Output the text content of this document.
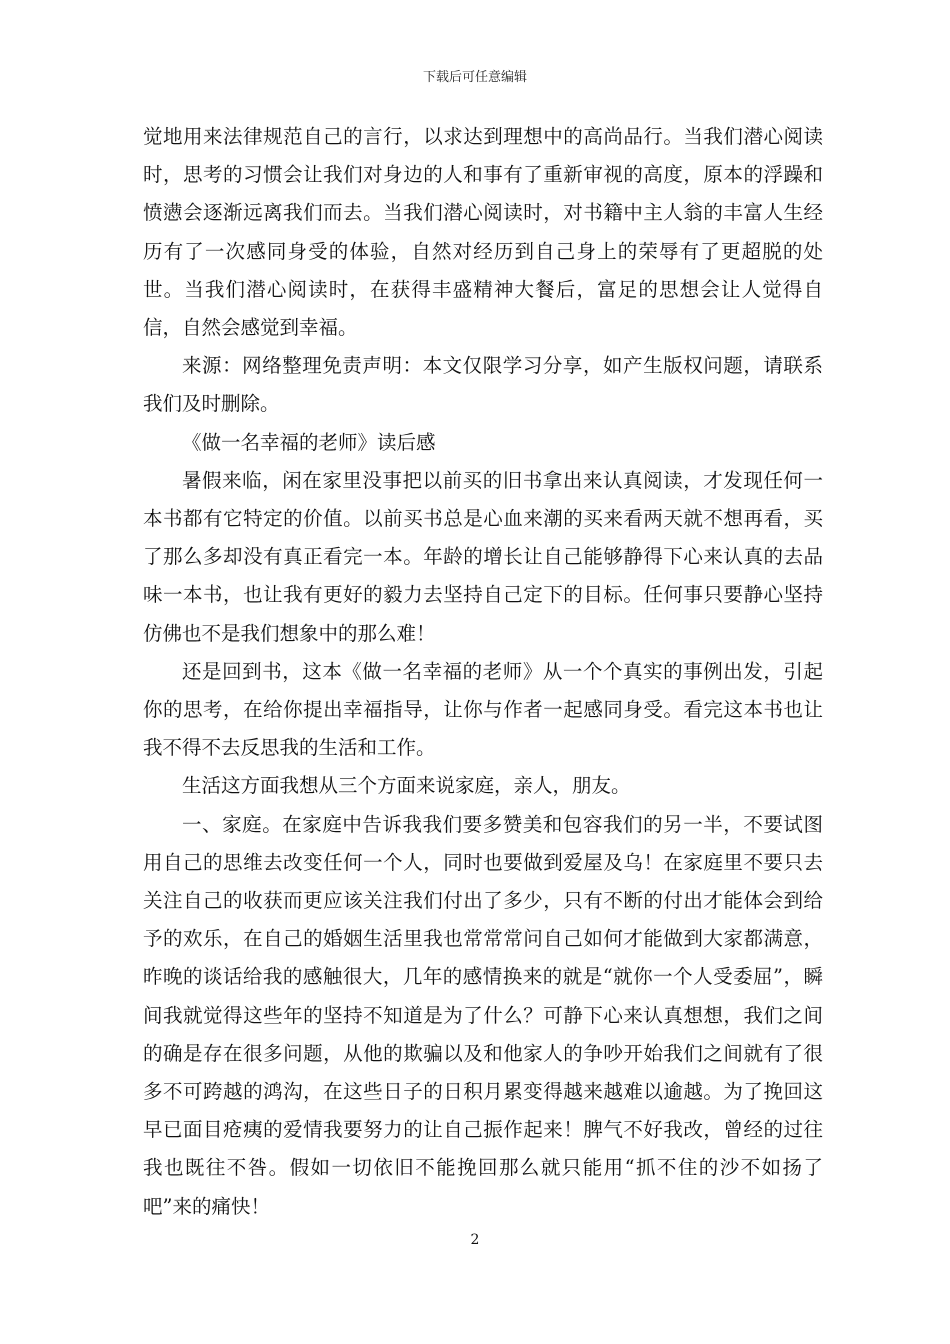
下载后可任意编辑

觉地用来法律规范自己的言行，以求达到理想中的高尚品行。当我们潜心阅读时，思考的习惯会让我们对身边的人和事有了重新审视的高度，原本的浮躁和愤懑会逐渐远离我们而去。当我们潜心阅读时，对书籍中主人翁的丰富人生经历有了一次感同身受的体验，自然对经历到自己身上的荣辱有了更超脱的处世。当我们潜心阅读时，在获得丰盛精神大餐后，富足的思想会让人觉得自信，自然会感觉到幸福。

来源：网络整理免责声明：本文仅限学习分享，如产生版权问题，请联系我们及时删除。

《做一名幸福的老师》读后感

暑假来临，闲在家里没事把以前买的旧书拿出来认真阅读，才发现任何一本书都有它特定的价值。以前买书总是心血来潮的买来看两天就不想再看，买了那么多却没有真正看完一本。年龄的增长让自己能够静得下心来认真的去品味一本书，也让我有更好的毅力去坚持自己定下的目标。任何事只要静心坚持仿佛也不是我们想象中的那么难！

还是回到书，这本《做一名幸福的老师》从一个个真实的事例出发，引起你的思考，在给你提出幸福指导，让你与作者一起感同身受。看完这本书也让我不得不去反思我的生活和工作。

生活这方面我想从三个方面来说家庭，亲人，朋友。

一、家庭。在家庭中告诉我我们要多赞美和包容我们的另一半，不要试图用自己的思维去改变任何一个人，同时也要做到爱屋及乌！在家庭里不要只去关注自己的收获而更应该关注我们付出了多少，只有不断的付出才能体会到给予的欢乐，在自己的婚姻生活里我也常常常问自己如何才能做到大家都满意，昨晚的谈话给我的感触很大，几年的感情换来的就是“就你一个人受委屈”，瞬间我就觉得这些年的坚持不知道是为了什么？可静下心来认真想想，我们之间的确是存在很多问题，从他的欺骗以及和他家人的争吵开始我们之间就有了很多不可跨越的鸿沟，在这些日子的日积月累变得越来越难以逾越。为了挽回这早已面目疮痍的爱情我要努力的让自己振作起来！脾气不好我改，曾经的过往我也既往不咎。假如一切依旧不能挽回那么就只能用“抓不住的沙不如扬了吧”来的痛快！

2
